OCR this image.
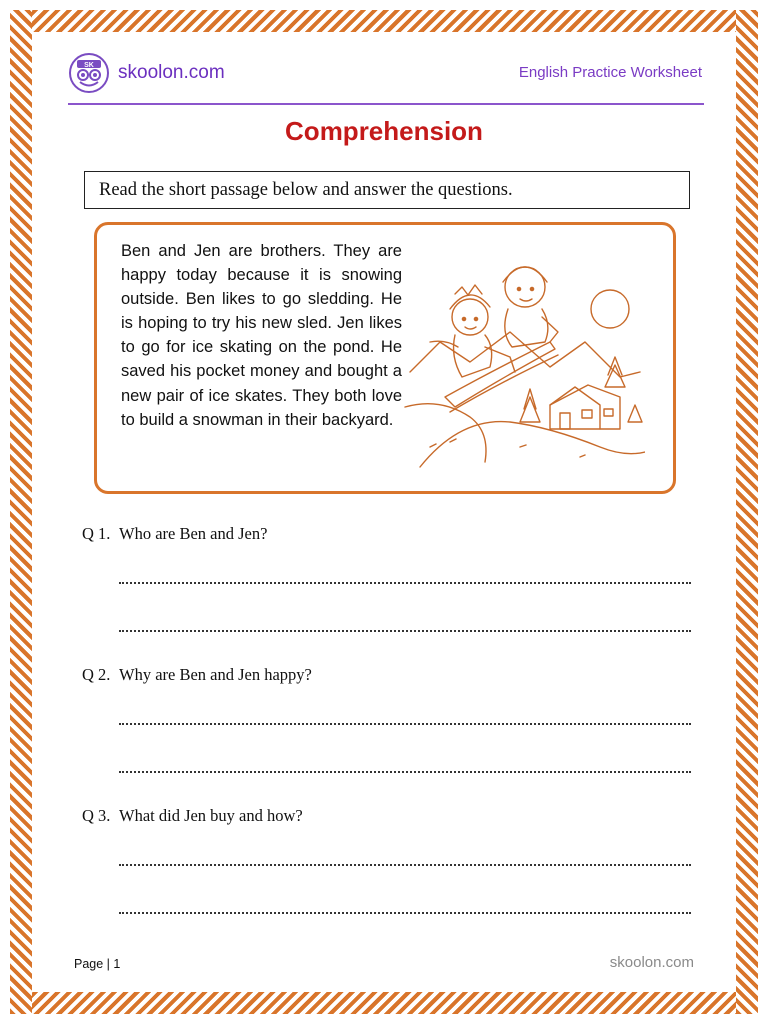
SK skoolon.com	English Practice Worksheet
Comprehension
Read the short passage below and answer the questions.
Ben and Jen are brothers. They are happy today because it is snowing outside. Ben likes to go sledding. He is hoping to try his new sled. Jen likes to go for ice skating on the pond. He saved his pocket money and bought a new pair of ice skates. They both love to build a snowman in their backyard.
Q 1. Who are Ben and Jen?
Q 2. Why are Ben and Jen happy?
Q 3. What did Jen buy and how?
Page | 1	skoolon.com
